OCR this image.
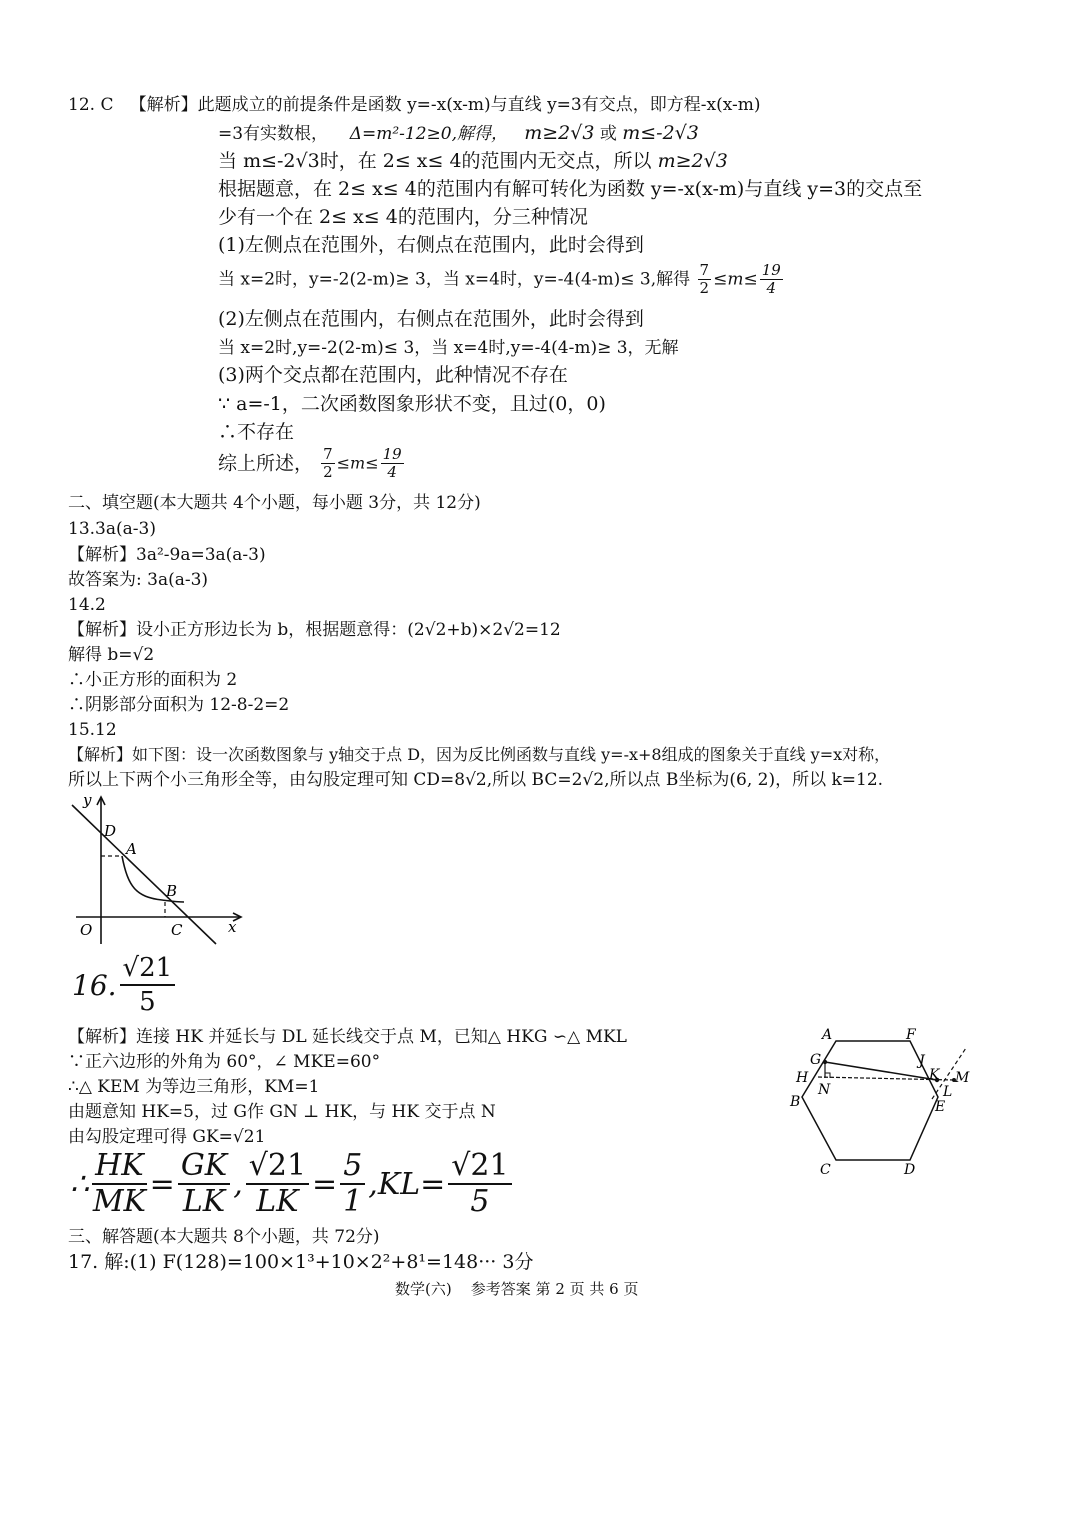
12. C 【解析】此题成立的前提条件是函数 y=-x(x-m)与直线 y=3有交点，即方程-x(x-m)
=3有实数根， Δ=m²-12≥0,解得， m≥2√3 或 m≤-2√3
当 m≤-2√3时，在 2≤ x≤ 4的范围内无交点，所以 m≥2√3
根据题意，在 2≤ x≤ 4的范围内有解可转化为函数 y=-x(x-m)与直线 y=3的交点至
少有一个在 2≤ x≤ 4的范围内，分三种情况
(1)左侧点在范围外，右侧点在范围内，此时会得到
当 x=2时，y=-2(2-m)≥ 3，当 x=4时，y=-4(4-m)≤ 3,解得 $\frac{7}{2} \le m\le \frac{19}{4}$
(2)左侧点在范围内，右侧点在范围外，此时会得到
当 x=2时,y=-2(2-m)≤ 3，当 x=4时,y=-4(4-m)≥ 3，无解
(3)两个交点都在范围内，此种情况不存在
∵ a=-1，二次函数图象形状不变，且过(0，0)
∴不存在
综上所述， $\frac{7}{2} \le m\le \frac{19}{4}$
二、填空题(本大题共 4个小题，每小题 3分，共 12分)
13.3a(a-3)
【解析】3a²-9a=3a(a-3)
故答案为: 3a(a-3)
14.2
【解析】设小正方形边长为 b，根据题意得：(2√2+b)×2√2=12
解得 b=√2
∴小正方形的面积为 2
∴阴影部分面积为 12-8-2=2
15.12
【解析】如下图：设一次函数图象与 y轴交于点 D，因为反比例函数与直线 y=-x+8组成的图象关于直线 y=x对称，
所以上下两个小三角形全等，由勾股定理可知 CD=8√2,所以 BC=2√2,所以点 B坐标为(6, 2)，所以 k=12.
y
x
O
D
A
B
C
16. $\frac{√21}{5}$
【解析】连接 HK 并延长与 DL 延长线交于点 M，已知△ HKG ∽△ MKL
∵正六边形的外角为 60°，∠ MKE=60°
∴△ KEM 为等边三角形，KM=1
由题意知 HK=5，过 G作 GN ⊥ HK，与 HK 交于点 N
由勾股定理可得 GK=√21
∴ $\frac{HK}{MK} = \frac{GK}{LK}$ , $\frac{√21}{LK} = \frac{5}{1} ,KL= \frac{√21}{5}$
A	F
G	J
H
N
K M
L
B	E
C	D
三、解答题(本大题共 8个小题，共 72分)
17. 解:(1) F(128)=100×1³+10×2²+8¹=148··· 3分
数学(六)    参考答案 第 2 页 共 6 页
